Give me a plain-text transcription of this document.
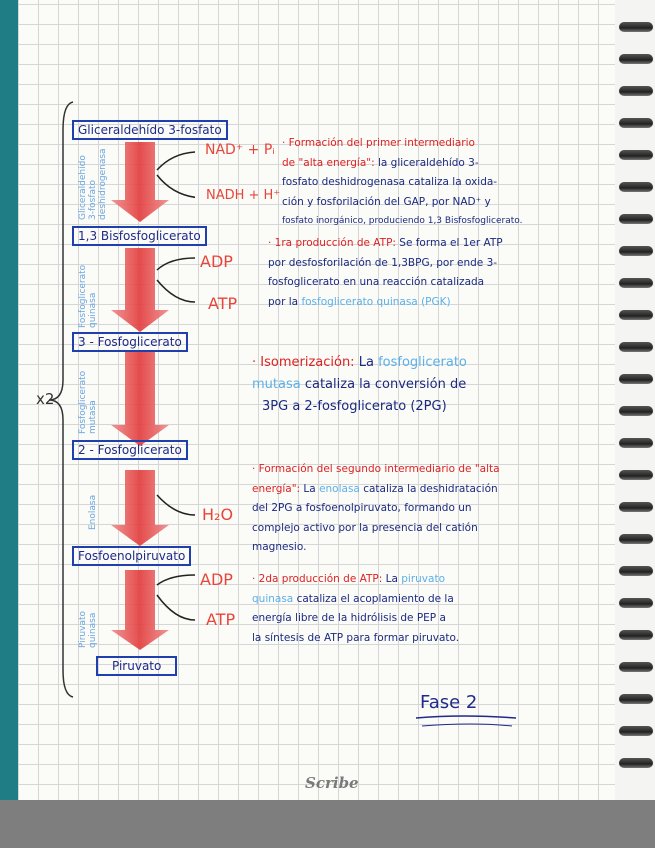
x2
Gliceraldehído 3-fosfato
1,3 Bisfosfoglicerato
3 - Fosfoglicerato
2 - Fosfoglicerato
Fosfoenolpiruvato
Piruvato
Gliceraldehído 3-fosfato deshidrogenasa
Fosfoglicerato quinasa
Fosfoglicerato mutasa
Enolasa
Piruvato quinasa
NAD⁺ + Pᵢ
NADH + H⁺
ADP
ATP
H₂O
ADP
ATP
· Formación del primer intermediario
de "alta energía": la gliceraldehído 3-
fosfato deshidrogenasa cataliza la oxida-
ción y fosforilación del GAP, por NAD⁺ y
fosfato inorgánico, produciendo 1,3 Bisfosfoglicerato.
· 1ra producción de ATP: Se forma el 1er ATP
por desfosforilación de 1,3BPG, por ende 3-
fosfoglicerato en una reacción catalizada
por la fosfoglicerato quinasa (PGK)
· Isomerización: La fosfoglicerato
mutasa cataliza la conversión de
3PG a 2-fosfoglicerato (2PG)
· Formación del segundo intermediario de "alta
energía": La enolasa cataliza la deshidratación
del 2PG a fosfoenolpiruvato, formando un
complejo activo por la presencia del catión
magnesio.
· 2da producción de ATP: La piruvato
quinasa cataliza el acoplamiento de la
energía libre de la hidrólisis de PEP a
la síntesis de ATP para formar piruvato.
Fase 2
Scribe
